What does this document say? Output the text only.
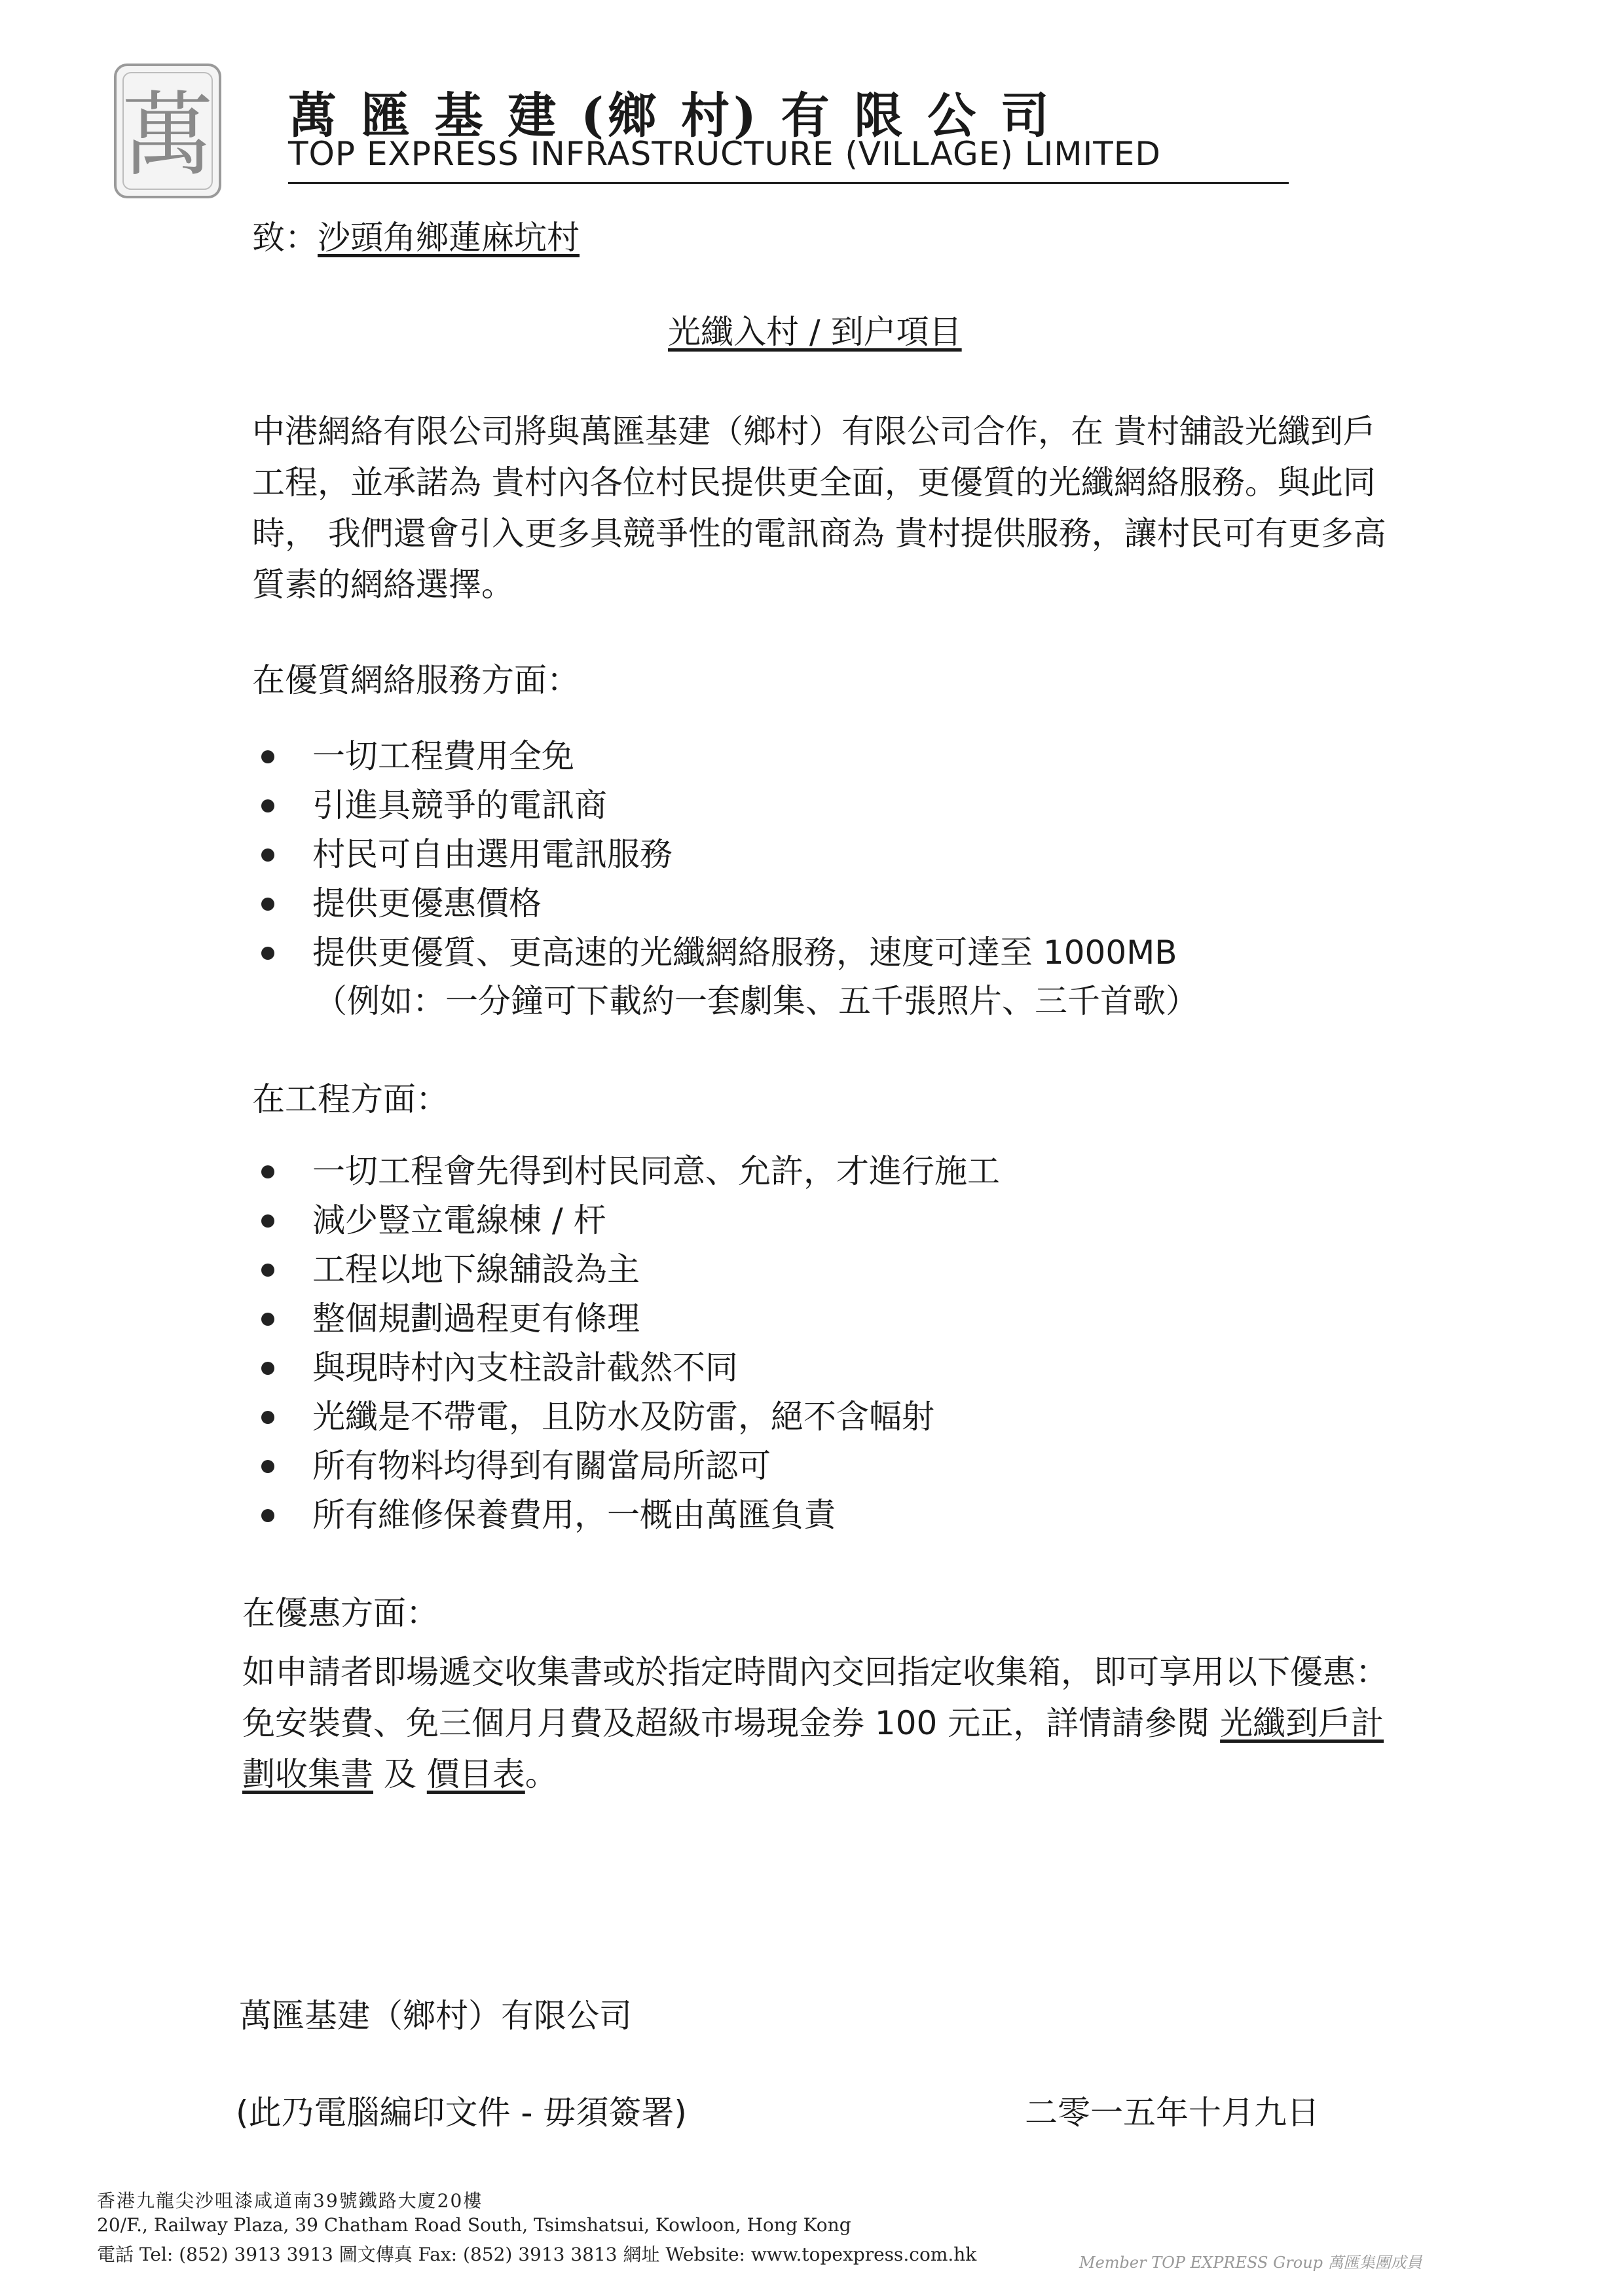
萬 萬 匯 基 建 (鄉 村) 有 限 公 司
TOP EXPRESS INFRASTRUCTURE (VILLAGE) LIMITED
致：沙頭角鄉蓮麻坑村
光纖入村 / 到户項目

中港網絡有限公司將與萬匯基建（鄉村）有限公司合作，在 貴村舖設光纖到戶

工程，並承諾為 貴村內各位村民提供更全面，更優質的光纖網絡服務。與此同

時， 我們還會引入更多具競爭性的電訊商為 貴村提供服務，讓村民可有更多高

質素的網絡選擇。

在優質網絡服務方面：
一切工程費用全免
引進具競爭的電訊商
村民可自由選用電訊服務
提供更優惠價格
提供更優質、更高速的光纖網絡服務，速度可達至 1000MB
（例如：一分鐘可下載約一套劇集、五千張照片、三千首歌）
在工程方面：
一切工程會先得到村民同意、允許，才進行施工
減少豎立電線棟 / 杆
工程以地下線舖設為主
整個規劃過程更有條理
與現時村內支柱設計截然不同
光纖是不帶電，且防水及防雷，絕不含幅射
所有物料均得到有關當局所認可
所有維修保養費用，一概由萬匯負責
在優惠方面：
如申請者即場遞交收集書或於指定時間內交回指定收集箱，即可享用以下優惠：
免安裝費、免三個月月費及超級市場現金券 100 元正，詳情請參閱 光纖到戶計
劃收集書 及 價目表。
萬匯基建（鄉村）有限公司
(此乃電腦編印文件 - 毋須簽署)	二零一五年十月九日
香港九龍尖沙咀漆咸道南39號鐵路大廈20樓
20/F., Railway Plaza, 39 Chatham Road South, Tsimshatsui, Kowloon, Hong Kong
電話 Tel: (852) 3913 3913 圖文傳真 Fax: (852) 3913 3813 網址 Website: www.topexpress.com.hk	Member TOP EXPRESS Group 萬匯集團成員
